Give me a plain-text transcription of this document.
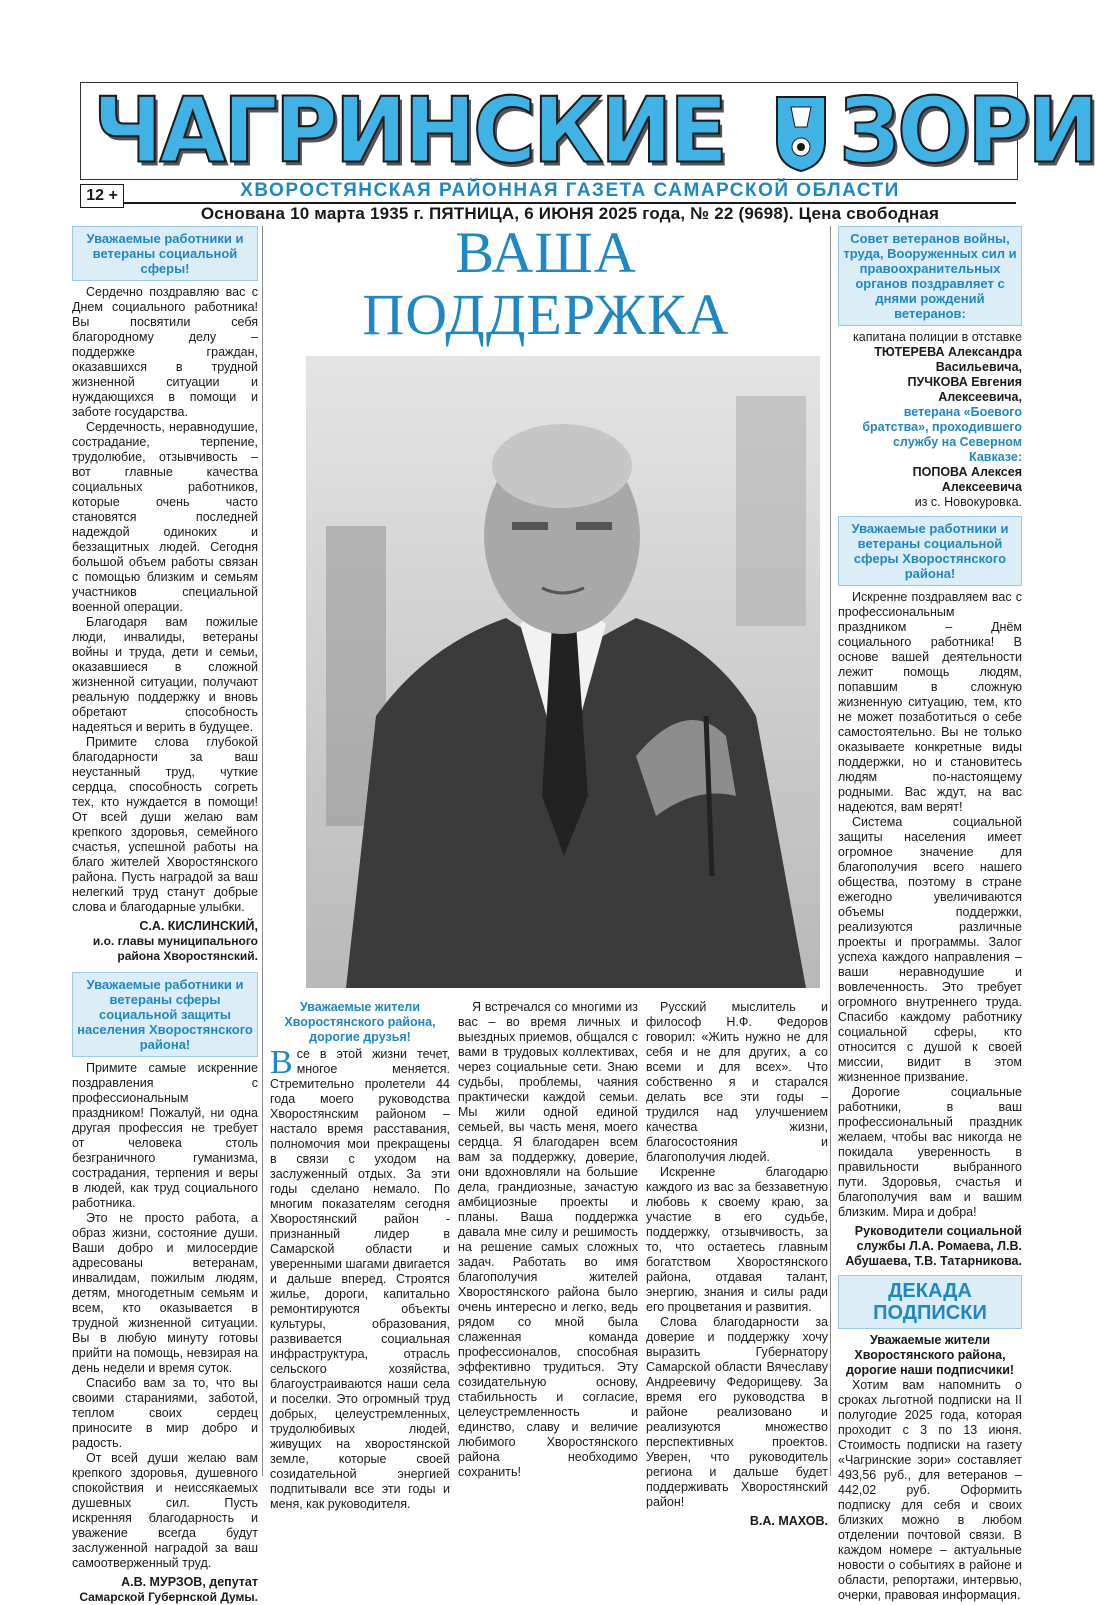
ЧАГРИНСКИЕ ЗОРИ
12 +	ХВОРОСТЯНСКАЯ РАЙОННАЯ ГАЗЕТА САМАРСКОЙ ОБЛАСТИ
Основана 10 марта 1935 г. ПЯТНИЦА, 6 ИЮНЯ 2025 года, № 22 (9698). Цена свободная
Уважаемые работники и ветераны социальной сферы!

Сердечно поздравляю вас с Днем социального работника! Вы посвятили себя благородному делу – поддержке граждан, оказавшихся в трудной жизненной ситуации и нуждающихся в помощи и заботе государства.

Сердечность, неравнодушие, сострадание, терпение, трудолюбие, отзывчивость – вот главные качества социальных работников, которые очень часто становятся последней надеждой одиноких и беззащитных людей. Сегодня большой объем работы связан с помощью близким и семьям участников специальной военной операции.

Благодаря вам пожилые люди, инвалиды, ветераны войны и труда, дети и семьи, оказавшиеся в сложной жизненной ситуации, получают реальную поддержку и вновь обретают способность надеяться и верить в будущее.

Примите слова глубокой благодарности за ваш неустанный труд, чуткие сердца, способность согреть тех, кто нуждается в помощи! От всей души желаю вам крепкого здоровья, семейного счастья, успешной работы на благо жителей Хворостянского района. Пусть наградой за ваш нелегкий труд станут добрые слова и благодарные улыбки.

С.А. КИСЛИНСКИЙ,
и.о. главы муниципального района Хворостянский.
Уважаемые работники и ветераны сферы социальной защиты населения Хворостянского района!

Примите самые искренние поздравления с профессиональным праздником! Пожалуй, ни одна другая профессия не требует от человека столь безграничного гуманизма, сострадания, терпения и веры в людей, как труд социального работника.

Это не просто работа, а образ жизни, состояние души. Ваши добро и милосердие адресованы ветеранам, инвалидам, пожилым людям, детям, многодетным семьям и всем, кто оказывается в трудной жизненной ситуации. Вы в любую минуту готовы прийти на помощь, невзирая на день недели и время суток.

Спасибо вам за то, что вы своими стараниями, заботой, теплом своих сердец приносите в мир добро и радость.

От всей души желаю вам крепкого здоровья, душевного спокойствия и неиссякаемых душевных сил. Пусть искренняя благодарность и уважение всегда будут заслуженной наградой за ваш самоотверженный труд.

А.В. МУРЗОВ, депутат
Самарской Губернской Думы.
ВАША ПОДДЕРЖКА
Уважаемые жители Хворостянского района, дорогие друзья!

Все в этой жизни течет, многое меняется. Стремительно пролетели 44 года моего руководства Хворостянским районом – настало время расставания, полномочия мои прекращены в связи с уходом на заслуженный отдых. За эти годы сделано немало. По многим показателям сегодня Хворостянский район - признанный лидер в Самарской области и уверенными шагами двигается и дальше вперед. Строятся жилье, дороги, капитально ремонтируются объекты культуры, образования, развивается социальная инфраструктура, отрасль сельского хозяйства, благоустраиваются наши села и поселки. Это огромный труд добрых, целеустремленных, трудолюбивых людей, живущих на хворостянской земле, которые своей созидательной энергией подпитывали все эти годы и меня, как руководителя.

Я встречался со многими из вас – во время личных и выездных приемов, общался с вами в трудовых коллективах, через социальные сети. Знаю судьбы, проблемы, чаяния практически каждой семьи. Мы жили одной единой семьей, вы часть меня, моего сердца. Я благодарен всем вам за поддержку, доверие, они вдохновляли на большие дела, грандиозные, зачастую амбициозные проекты и планы. Ваша поддержка давала мне силу и решимость на решение самых сложных задач. Работать во имя благополучия жителей Хворостянского района было очень интересно и легко, ведь рядом со мной была слаженная команда профессионалов, способная эффективно трудиться. Эту созидательную основу, стабильность и согласие, целеустремленность и единство, славу и величие любимого Хворостянского района необходимо сохранить!

Русский мыслитель и философ Н.Ф. Федоров говорил: «Жить нужно не для себя и не для других, а со всеми и для всех». Что собственно я и старался делать все эти годы – трудился над улучшением качества жизни, благосостояния и благополучия людей.

Искренне благодарю каждого из вас за беззаветную любовь к своему краю, за участие в его судьбе, поддержку, отзывчивость, за то, что остаетесь главным богатством Хворостянского района, отдавая талант, энергию, знания и силы ради его процветания и развития.

Слова благодарности за доверие и поддержку хочу выразить Губернатору Самарской области Вячеславу Андреевичу Федорищеву. За время его руководства в районе реализовано и реализуются множество перспективных проектов. Уверен, что руководитель региона и дальше будет поддерживать Хворостянский район!

В.А. МАХОВ.
Совет ветеранов войны, труда, Вооруженных сил и правоохранительных органов поздравляет с днями рождений ветеранов:
капитана полиции в отставке
ТЮТЕРЕВА Александра Васильевича,
ПУЧКОВА Евгения Алексеевича,
ветерана «Боевого братства», проходившего службу на Северном Кавказе:
ПОПОВА Алексея Алексеевича
из с. Новокуровка.
Уважаемые работники и ветераны социальной сферы Хворостянского района!

Искренне поздравляем вас с профессиональным праздником – Днём социального работника! В основе вашей деятельности лежит помощь людям, попавшим в сложную жизненную ситуацию, тем, кто не может позаботиться о себе самостоятельно. Вы не только оказываете конкретные виды поддержки, но и становитесь людям по-настоящему родными. Вас ждут, на вас надеются, вам верят!

Система социальной защиты населения имеет огромное значение для благополучия всего нашего общества, поэтому в стране ежегодно увеличиваются объемы поддержки, реализуются различные проекты и программы. Залог успеха каждого направления – ваши неравнодушие и вовлеченность. Это требует огромного внутреннего труда. Спасибо каждому работнику социальной сферы, кто относится с душой к своей миссии, видит в этом жизненное призвание.

Дорогие социальные работники, в ваш профессиональный праздник желаем, чтобы вас никогда не покидала уверенность в правильности выбранного пути. Здоровья, счастья и благополучия вам и вашим близким. Мира и добра!

Руководители социальной службы Л.А. Ромаева, Л.В. Абушаева, Т.В. Татарникова.
ДЕКАДА ПОДПИСКИ
Уважаемые жители Хворостянского района, дорогие наши подписчики!

Хотим вам напомнить о сроках льготной подписки на II полугодие 2025 года, которая проходит с 3 по 13 июня. Стоимость подписки на газету «Чагринские зори» составляет 493,56 руб., для ветеранов – 442,02 руб. Оформить подписку для себя и своих близких можно в любом отделении почтовой связи. В каждом номере – актуальные новости о событиях в районе и области, репортажи, интервью, очерки, правовая информация.
